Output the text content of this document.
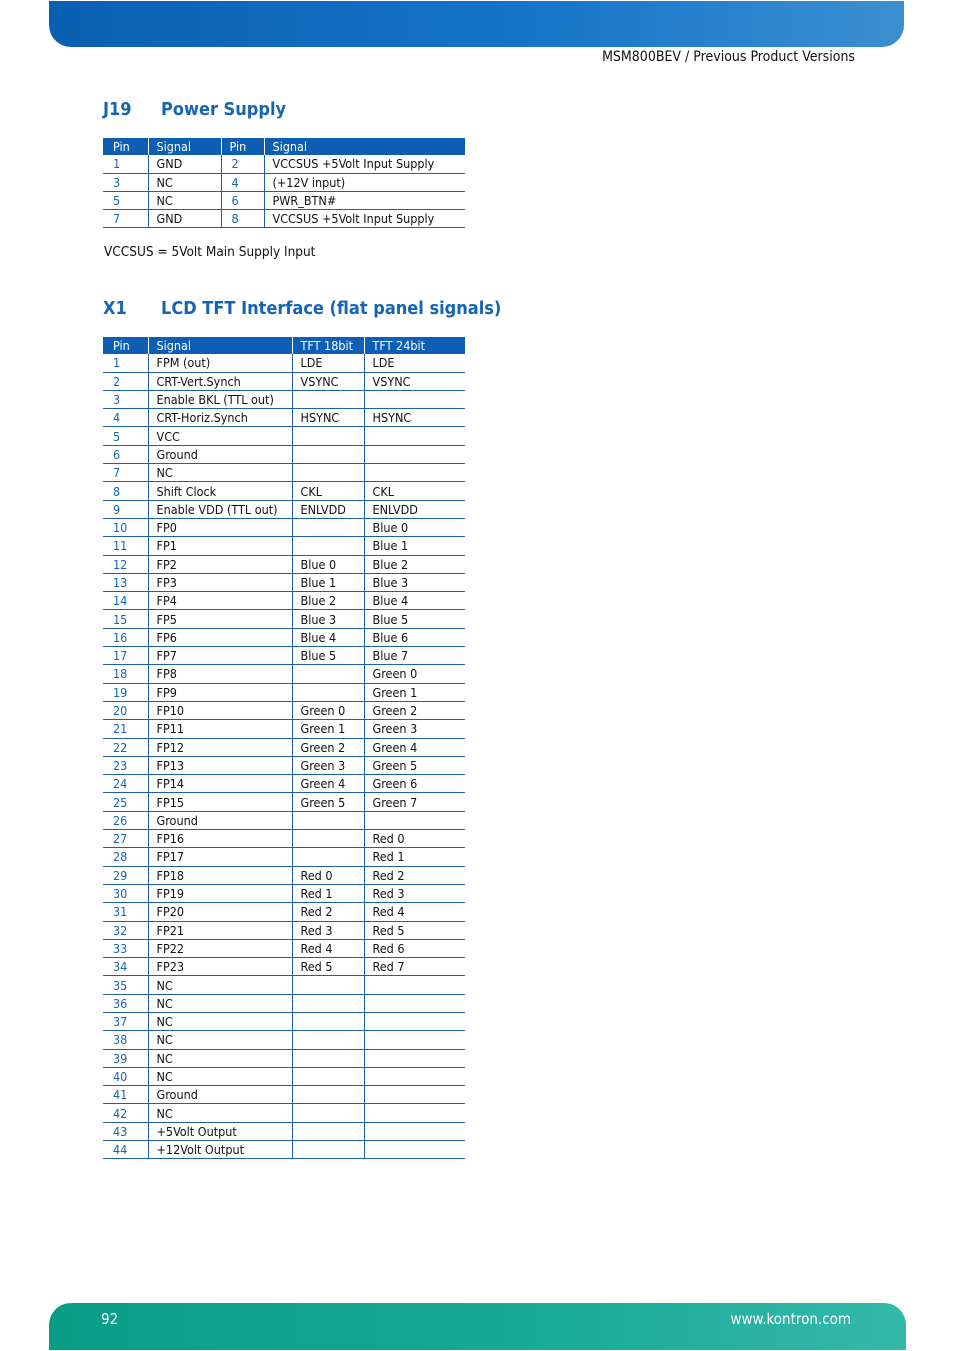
MSM800BEV / Previous Product Versions
J19 Power Supply
Pin	Signal	Pin	Signal
1	GND	2	VCCSUS +5Volt Input Supply
3	NC	4	(+12V input)
5	NC	6	PWR_BTN#
7	GND	8	VCCSUS +5Volt Input Supply
VCCSUS = 5Volt Main Supply Input
X1 LCD TFT Interface (flat panel signals)
Pin	Signal	TFT 18bit	TFT 24bit
1	FPM (out)	LDE	LDE
2	CRT-Vert.Synch	VSYNC	VSYNC
3	Enable BKL (TTL out)		
4	CRT-Horiz.Synch	HSYNC	HSYNC
5	VCC		
6	Ground		
7	NC		
8	Shift Clock	CKL	CKL
9	Enable VDD (TTL out)	ENLVDD	ENLVDD
10	FP0		Blue 0
11	FP1		Blue 1
12	FP2	Blue 0	Blue 2
13	FP3	Blue 1	Blue 3
14	FP4	Blue 2	Blue 4
15	FP5	Blue 3	Blue 5
16	FP6	Blue 4	Blue 6
17	FP7	Blue 5	Blue 7
18	FP8		Green 0
19	FP9		Green 1
20	FP10	Green 0	Green 2
21	FP11	Green 1	Green 3
22	FP12	Green 2	Green 4
23	FP13	Green 3	Green 5
24	FP14	Green 4	Green 6
25	FP15	Green 5	Green 7
26	Ground		
27	FP16		Red 0
28	FP17		Red 1
29	FP18	Red 0	Red 2
30	FP19	Red 1	Red 3
31	FP20	Red 2	Red 4
32	FP21	Red 3	Red 5
33	FP22	Red 4	Red 6
34	FP23	Red 5	Red 7
35	NC		
36	NC		
37	NC		
38	NC		
39	NC		
40	NC		
41	Ground		
42	NC		
43	+5Volt Output		
44	+12Volt Output		
92	www.kontron.com
